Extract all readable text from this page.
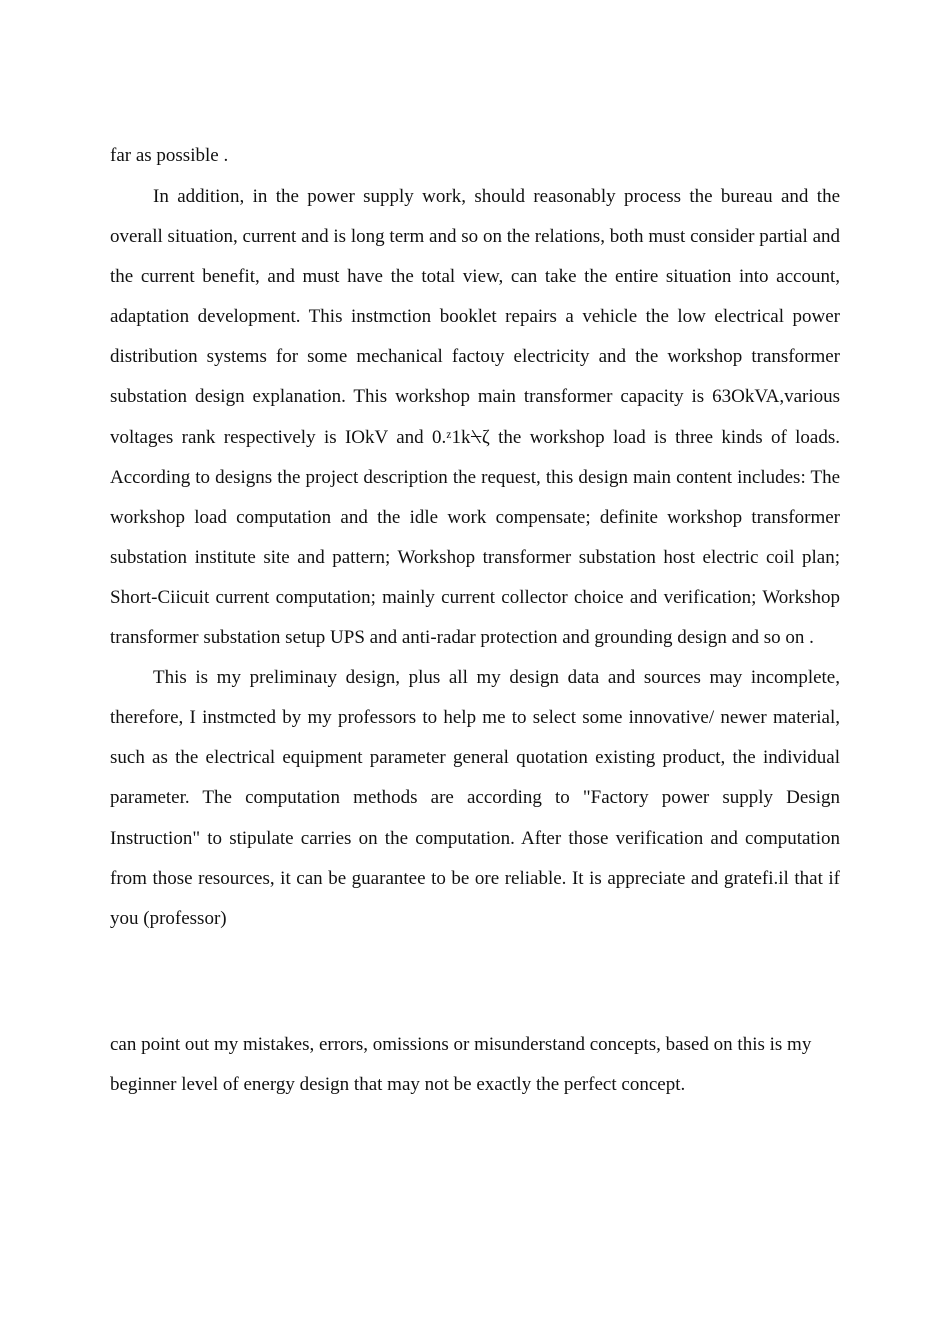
far as possible .

In addition, in the power supply work, should reasonably process the bureau and the overall situation, current and is long term and so on the relations, both must consider partial and the current benefit, and must have the total view, can take the entire situation into account, adaptation development. This instmction booklet repairs a vehicle the low electrical power distribution systems for some mechanical factoιy electricity and the workshop transformer substation design explanation. This workshop main transformer capacity is 63OkVA,various voltages rank respectively is IOkV and 0.ᶻ1k⍀ζ the workshop load is three kinds of loads. According to designs the project description the request, this design main content includes: The workshop load computation and the idle work compensate; definite workshop transformer substation institute site and pattern; Workshop transformer substation host electric coil plan; Short-Ciicuit current computation; mainly current collector choice and verification; Workshop transformer substation setup UPS and anti-radar protection and grounding design and so on .

This is my preliminaιy design, plus all my design data and sources may incomplete, therefore, I instmcted by my professors to help me to select some innovative/ newer material, such as the electrical equipment parameter general quotation existing product, the individual parameter. The computation methods are according to "Factory power supply Design Instruction" to stipulate carries on the computation. After those verification and computation from those resources, it can be guarantee to be ore reliable. It is appreciate and gratefi.il that if you (professor)

can point out my mistakes, errors, omissions or misunderstand concepts, based on this is my beginner level of energy design that may not be exactly the perfect concept.
